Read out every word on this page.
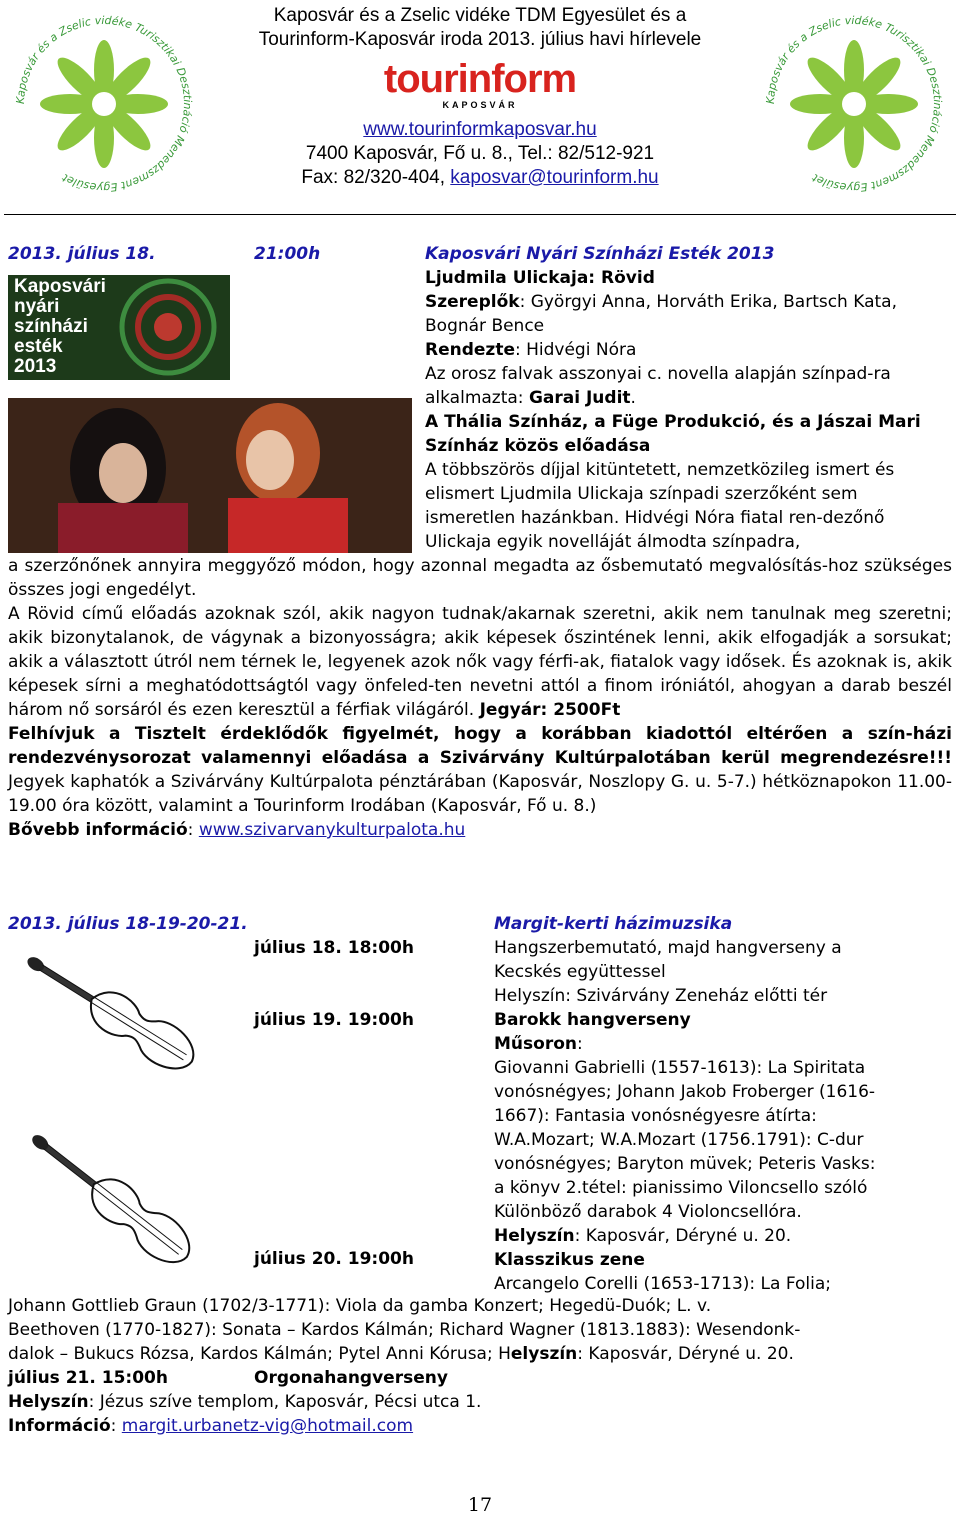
Kaposvár és a Zselic vidéke Turisztikai Desztináció Menedzsment Egyesület
Kaposvár és a Zselic vidéke Turisztikai Desztináció Menedzsment Egyesület
Kaposvár és a Zselic vidéke TDM Egyesület és a
Tourinform-Kaposvár iroda 2013. július havi hírlevele
tourinform
KAPOSVÁR
www.tourinformkaposvar.hu
7400 Kaposvár, Fő u. 8., Tel.: 82/512-921
Fax: 82/320-404, kaposvar@tourinform.hu
2013. július 18.	21:00h	Kaposvári Nyári Színházi Esték 2013
Kaposvári
nyári
színházi
esték
2013
Ljudmila Ulickaja: Rövid
Szereplők: Györgyi Anna, Horváth Erika, Bartsch Kata, Bognár Bence
Rendezte: Hidvégi Nóra
Az orosz falvak asszonyai c. novella alapján színpad-ra alkalmazta: Garai Judit.
A Thália Színház, a Füge Produkció, és a Jászai Mari Színház közös előadása
A többszörös díjjal kitüntetett, nemzetközileg ismert és elismert Ljudmila Ulickaja színpadi szerzőként sem ismeretlen hazánkban. Hidvégi Nóra fiatal ren-dezőnő Ulickaja egyik novelláját álmodta színpadra,
a szerzőnőnek annyira meggyőző módon, hogy azonnal megadta az ősbemutató megvalósítás-hoz szükséges összes jogi engedélyt.
A Rövid című előadás azoknak szól, akik nagyon tudnak/akarnak szeretni, akik nem tanulnak meg szeretni; akik bizonytalanok, de vágynak a bizonyosságra; akik képesek őszintének lenni, akik elfogadják a sorsukat; akik a választott útról nem térnek le, legyenek azok nők vagy férfi-ak, fiatalok vagy idősek. És azoknak is, akik képesek sírni a meghatódottságtól vagy önfeled-ten nevetni attól a finom iróniától, ahogyan a darab beszél három nő sorsáról és ezen keresztül a férfiak világáról. Jegyár: 2500Ft
Felhívjuk a Tisztelt érdeklődők figyelmét, hogy a korábban kiadottól eltérően a szín-házi rendezvénysorozat valamennyi előadása a Szivárvány Kultúrpalotában kerül megrendezésre!!! Jegyek kaphatók a Szivárvány Kultúrpalota pénztárában (Kaposvár, Noszlopy G. u. 5-7.) hétköznapokon 11.00-19.00 óra között, valamint a Tourinform Irodában (Kaposvár, Fő u. 8.)
Bővebb információ: www.szivarvanykulturpalota.hu
2013. július 18-19-20-21.	Margit-kerti házimuzsika
július 18. 18:00h
július 19. 19:00h
július 20. 19:00h
Hangszerbemutató, majd hangverseny a
Kecskés együttessel
Helyszín: Szivárvány Zeneház előtti tér
Barokk hangverseny
Műsoron:
Giovanni Gabrielli (1557-1613): La Spiritata
vonósnégyes; Johann Jakob Froberger (1616-
1667): Fantasia vonósnégyesre átírta:
W.A.Mozart; W.A.Mozart (1756.1791): C-dur
vonósnégyes; Baryton müvek; Peteris Vasks:
a könyv 2.tétel: pianissimo Viloncsello szóló
Különböző darabok 4 Violoncsellóra.
Helyszín: Kaposvár, Déryné u. 20.
Klasszikus zene
Arcangelo Corelli (1653-1713): La Folia;
Johann Gottlieb Graun (1702/3-1771): Viola da gamba Konzert; Hegedü-Duók; L. v.
Beethoven (1770-1827): Sonata – Kardos Kálmán; Richard Wagner (1813.1883): Wesendonk-
dalok – Bukucs Rózsa, Kardos Kálmán; Pytel Anni Kórusa; Helyszín: Kaposvár, Déryné u. 20.
július 21. 15:00h	Orgonahangverseny
Helyszín: Jézus szíve templom, Kaposvár, Pécsi utca 1.
Információ: margit.urbanetz-vig@hotmail.com
17
